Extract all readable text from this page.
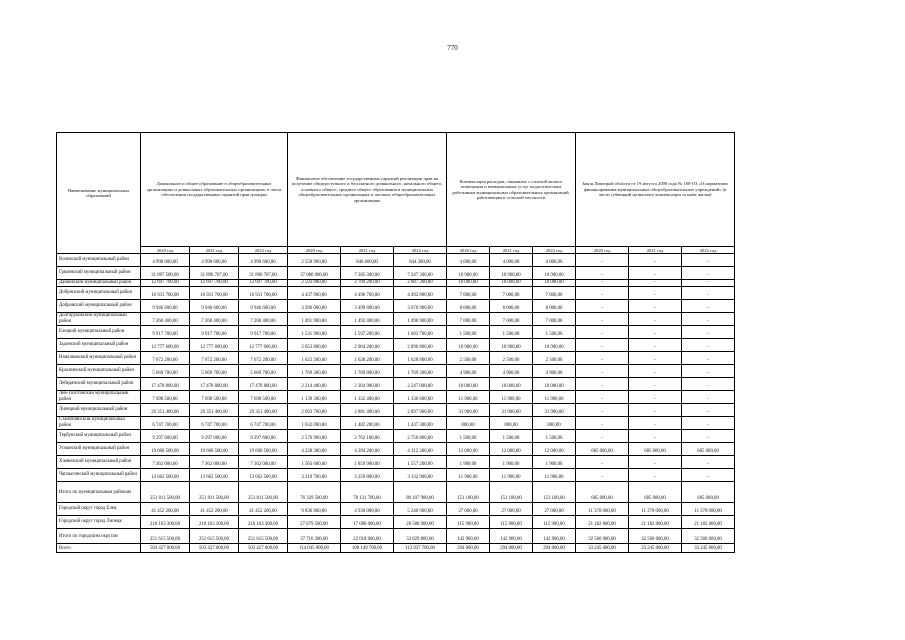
770
Наименование муниципальных образований	Дошкольное и общее образование в общеобразовательных организациях и дошкольных образовательных организациях, в части обеспечения государственных гарантий прав граждан			Финансовое обеспечение государственных гарантий реализации прав на получение общедоступного и бесплатного дошкольного, начального общего, основного общего, среднего общего образования в муниципальных общеобразовательных организациях и частных общеобразовательных организациях			Компенсация расходов, связанных с оплатой жилого помещения и коммунальных услуг педагогическим работникам муниципальных образовательных организаций, работающим в сельской местности			Закон Липецкой области от 19 августа 2008 года № 180-ОЗ «О нормативах финансирования муниципальных общеобразовательных учреждений» (в части субвенций на выплату компенсации за наём жилья)		
	2020 год	2021 год	2022 год	2020 год	2021 год	2022 год	2020 год	2021 год	2022 год	2020 год	2021 год	2022 год
Воловский муниципальный район	4 998 600,00	4 998 600,00	4 998 600,00	2 558 900,00	846 600,00	844 300,00	4 000,00	4 000,00	4 000,00	-	-	-
Грязинский муниципальный район	31 897 500,00	31 896 707,00	31 896 707,00	37 086 900,00	7 285 300,00	7 347 300,00	10 900,00	10 900,00	10 900,00	-	-	-
Данковский муниципальный район	12 697 700,00	12 697 700,00	12 697 700,00	2 593 800,00	2 789 200,00	2 887 300,00	10 000,00	10 000,00	10 000,00	-	-	-
Добринский муниципальный район	16 931 700,00	16 931 700,00	16 931 700,00	4 437 900,00	4 496 700,00	4 492 800,00	7 000,00	7 000,00	7 000,00	-	-	-
Добровский муниципальный район	9 946 600,00	9 946 600,00	9 946 600,00	3 396 000,00	3 499 800,00	3 670 900,00	8 000,00	8 000,00	8 000,00	-	-	-
Долгоруковский муниципальный район	7 260 400,00	7 260 400,00	7 260 400,00	1 491 900,00	1 492 400,00	1 496 900,00	7 000,00	7 000,00	7 000,00	-	-	-
Елецкий муниципальный район	9 917 700,00	9 917 700,00	9 917 700,00	1 531 900,00	1 597 200,00	1 683 700,00	1 500,00	1 500,00	1 500,00	-	-	-
Задонский муниципальный район	12 777 600,00	12 777 600,00	12 777 600,00	2 653 800,00	2 904 200,00	2 896 800,00	10 900,00	10 900,00	10 900,00	-	-	-
Измалковский муниципальный район	7 672 200,00	7 672 200,00	7 672 200,00	1 623 200,00	1 628 200,00	1 628 800,00	2 500,00	2 500,00	2 500,00	-	-	-
Краснинский муниципальный район	5 669 700,00	5 669 700,00	5 669 700,00	1 769 300,00	1 769 800,00	1 769 300,00	4 900,00	4 900,00	4 900,00	-	-	-
Лебедянский муниципальный район	17 478 800,00	17 478 800,00	17 478 800,00	2 214 400,00	2 304 900,00	2 247 000,00	10 000,00	10 000,00	10 000,00	-	-	-
Лев-Толстовский муниципальный район	7 698 500,00	7 698 500,00	7 698 500,00	1 139 300,00	1 332 400,00	1 336 600,00	11 900,00	11 900,00	11 900,00	-	-	-
Липецкий муниципальный район	29 351 400,00	29 351 400,00	29 351 400,00	2 693 700,00	2 881 400,00	2 897 900,00	31 900,00	31 900,00	31 900,00	-	-	-
Становлянский муниципальный район	6 747 700,00	6 747 700,00	6 747 700,00	1 632 000,00	1 482 200,00	1 437 300,00	800,00	800,00	800,00	-	-	-
Тербунский муниципальный район	9 297 600,00	9 297 600,00	9 297 600,00	2 576 900,00	2 762 100,00	2 750 800,00	1 500,00	1 500,00	1 500,00	-	-	-
Усманский муниципальный район	19 600 500,00	19 600 500,00	19 600 500,00	4 228 300,00	4 284 200,00	4 312 300,00	12 000,00	12 000,00	12 000,00	685 000,00	685 000,00	685 000,00
Хлевенский муниципальный район	7 362 000,00	7 362 000,00	7 362 000,00	1 563 600,00	1 859 900,00	1 557 200,00	1 900,00	1 900,00	1 900,00	-	-	-
Чаплыгинский муниципальный район	13 662 500,00	13 662 500,00	13 662 500,00	3 210 700,00	3 259 800,00	3 132 900,00	11 900,00	11 900,00	11 900,00	-	-	-
Итого по муниципальным районам	251 811 500,00	251 811 500,00	251 811 500,00	76 329 500,00	78 131 700,00	80 107 900,00	151 100,00	151 100,00	151 100,00	685 000,00	685 000,00	685 000,00
Городской округ город Елец	41 452 200,00	41 452 200,00	41 452 200,00	9 836 800,00	4 930 000,00	5 240 900,00	27 000,00	27 000,00	27 000,00	11 378 000,00	11 378 000,00	11 378 000,00
Городской округ город Липецк	210 163 300,00	210 163 300,00	210 163 300,00	27 879 500,00	17 088 000,00	28 588 900,00	115 900,00	115 900,00	115 900,00	21 182 000,00	21 182 000,00	21 182 000,00
Итого по городским округам	251 615 500,00	251 615 500,00	251 615 500,00	37 716 300,00	22 018 000,00	33 829 800,00	142 900,00	142 900,00	142 900,00	32 560 000,00	32 560 000,00	32 560 000,00
Всего	503 427 000,00	503 427 000,00	503 427 000,00	114 045 800,00	100 149 700,00	113 937 700,00	294 000,00	294 000,00	294 000,00	33 245 000,00	33 245 000,00	33 245 000,00
